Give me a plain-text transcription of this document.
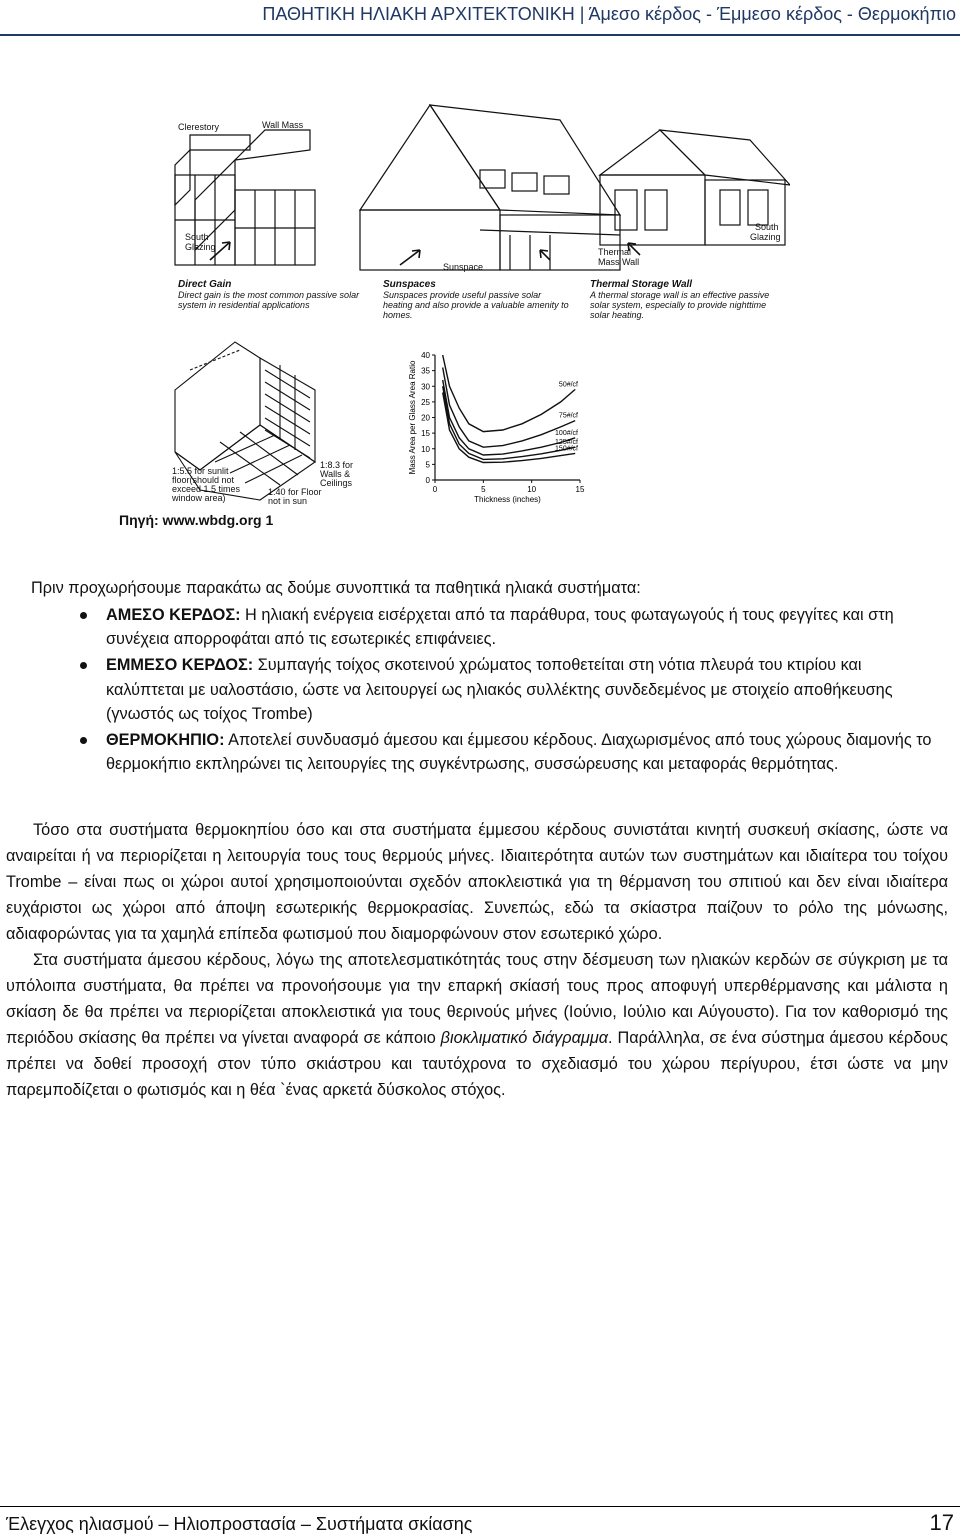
ΠΑΘΗΤΙΚΗ ΗΛΙΑΚΗ ΑΡΧΙΤΕΚΤΟΝΙΚΗ | Άμεσο κέρδος - Έμμεσο κέρδος - Θερμοκήπιο
Clerestory	Wall Mass
South
Glazing
Sunspace
Thermal
Mass Wall
South
Glazing
Direct Gain
Direct gain is the most common passive solar
system in residential applications
Sunspaces
Sunspaces provide useful passive solar
heating and also provide a valuable amenity to
homes.
Thermal Storage Wall
A thermal storage wall is an effective passive
solar system, especially to provide nighttime
solar heating.
1:5.5 for sunlit
floor(should not
exceed 1.5 times
window area)
1:8.3 for
Walls &
Ceilings
1:40 for Floor
not in sun
0
5
10
15
20
25
30
35
40
0	5	10	15
Thickness (inches)
Mass Area per Glass Area Ratio	50#/cf
75#/cf
100#/cf
125#/cf
150#/cf
Πηγή: www.wbdg.org 1
Πριν προχωρήσουμε παρακάτω ας δούμε συνοπτικά τα παθητικά ηλιακά συστήματα:
ΑΜΕΣΟ ΚΕΡΔΟΣ: Η ηλιακή ενέργεια εισέρχεται από τα παράθυρα, τους φωταγωγούς ή τους φεγγίτες και στη συνέχεια απορροφάται από τις εσωτερικές επιφάνειες.
ΕΜΜΕΣΟ ΚΕΡΔΟΣ: Συμπαγής τοίχος σκοτεινού χρώματος τοποθετείται στη νότια πλευρά του κτιρίου και καλύπτεται με υαλοστάσιο, ώστε να λειτουργεί ως ηλιακός συλλέκτης συνδεδεμένος με στοιχείο αποθήκευσης (γνωστός ως τοίχος Trombe)
ΘΕΡΜΟΚΗΠΙΟ: Αποτελεί συνδυασμό άμεσου και έμμεσου κέρδους. Διαχωρισμένος από τους χώρους διαμονής το θερμοκήπιο εκπληρώνει τις λειτουργίες της συγκέντρωσης, συσσώρευσης και μεταφοράς θερμότητας.

Τόσο στα συστήματα θερμοκηπίου όσο και στα συστήματα έμμεσου κέρδους συνιστάται κινητή συσκευή σκίασης, ώστε να αναιρείται ή να περιορίζεται η λειτουργία τους τους θερμούς μήνες. Ιδιαιτερότητα αυτών των συστημάτων και ιδιαίτερα του τοίχου Trombe – είναι πως οι χώροι αυτοί χρησιμοποιούνται σχεδόν αποκλειστικά για τη θέρμανση του σπιτιού και δεν είναι ιδιαίτερα ευχάριστοι ως χώροι από άποψη εσωτερικής θερμοκρασίας. Συνεπώς, εδώ τα σκίαστρα παίζουν το ρόλο της μόνωσης, αδιαφορώντας για τα χαμηλά επίπεδα φωτισμού που διαμορφώνουν στον εσωτερικό χώρο.

Στα συστήματα άμεσου κέρδους, λόγω της αποτελεσματικότητάς τους στην δέσμευση των ηλιακών κερδών σε σύγκριση με τα υπόλοιπα συστήματα, θα πρέπει να προνοήσουμε για την επαρκή σκίασή τους προς αποφυγή υπερθέρμανσης και μάλιστα η σκίαση δε θα πρέπει να περιορίζεται αποκλειστικά για τους θερινούς μήνες (Ιούνιο, Ιούλιο και Αύγουστο). Για τον καθορισμό της περιόδου σκίασης θα πρέπει να γίνεται αναφορά σε κάποιο βιοκλιματικό διάγραμμα. Παράλληλα, σε ένα σύστημα άμεσου κέρδους πρέπει να δοθεί προσοχή στον τύπο σκιάστρου και ταυτόχρονα το σχεδιασμό του χώρου περίγυρου, έτσι ώστε να μην παρεμποδίζεται ο φωτισμός και η θέα `ένας αρκετά δύσκολος στόχος.

Έλεγχος ηλιασμού – Ηλιοπροστασία – Συστήματα σκίασης	17
